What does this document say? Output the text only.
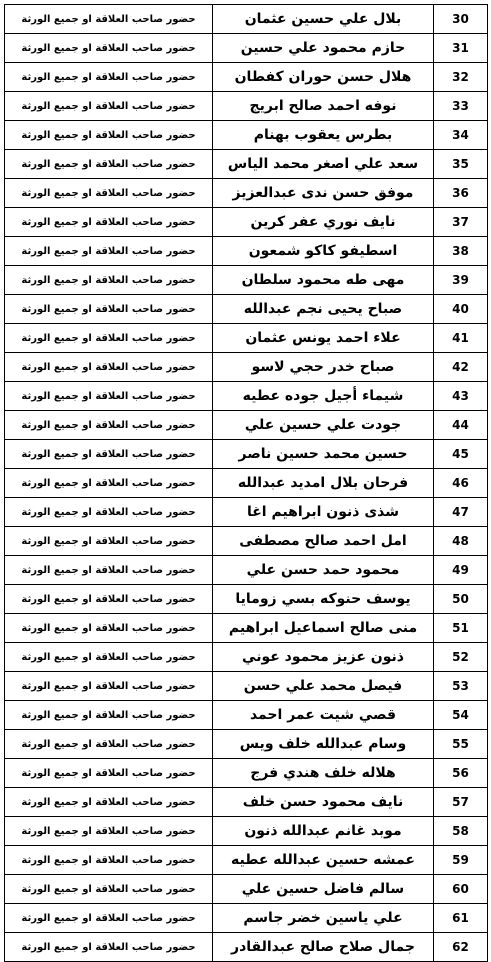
حضور صاحب العلاقة او جميع الورثة	بلال علي حسين عثمان	30
حضور صاحب العلاقة او جميع الورثة	حازم محمود علي حسين	31
حضور صاحب العلاقة او جميع الورثة	هلال حسن حوران كفطان	32
حضور صاحب العلاقة او جميع الورثة	نوفه احمد صالح ابريج	33
حضور صاحب العلاقة او جميع الورثة	بطرس يعقوب بهنام	34
حضور صاحب العلاقة او جميع الورثة	سعد علي اصغر محمد الياس	35
حضور صاحب العلاقة او جميع الورثة	موفق حسن ندى عبدالعزيز	36
حضور صاحب العلاقة او جميع الورثة	نايف نوري عفر كرين	37
حضور صاحب العلاقة او جميع الورثة	اسطيفو كاكو شمعون	38
حضور صاحب العلاقة او جميع الورثة	مهى طه محمود سلطان	39
حضور صاحب العلاقة او جميع الورثة	صباح يحيى نجم عبدالله	40
حضور صاحب العلاقة او جميع الورثة	علاء احمد يونس عثمان	41
حضور صاحب العلاقة او جميع الورثة	صباح خدر حجي لاسو	42
حضور صاحب العلاقة او جميع الورثة	شيماء أجيل جوده عطيه	43
حضور صاحب العلاقة او جميع الورثة	جودت علي حسين علي	44
حضور صاحب العلاقة او جميع الورثة	حسين محمد حسين ناصر	45
حضور صاحب العلاقة او جميع الورثة	فرحان بلال امديد عبدالله	46
حضور صاحب العلاقة او جميع الورثة	شذى ذنون ابراهيم اغا	47
حضور صاحب العلاقة او جميع الورثة	امل احمد صالح مصطفى	48
حضور صاحب العلاقة او جميع الورثة	محمود حمد حسن علي	49
حضور صاحب العلاقة او جميع الورثة	يوسف حنوكه بسي زومايا	50
حضور صاحب العلاقة او جميع الورثة	منى صالح اسماعيل ابراهيم	51
حضور صاحب العلاقة او جميع الورثة	ذنون عزيز محمود عوني	52
حضور صاحب العلاقة او جميع الورثة	فيصل محمد علي حسن	53
حضور صاحب العلاقة او جميع الورثة	قصي شيت عمر احمد	54
حضور صاحب العلاقة او جميع الورثة	وسام عبدالله خلف ويس	55
حضور صاحب العلاقة او جميع الورثة	هلاله خلف هندي فرج	56
حضور صاحب العلاقة او جميع الورثة	نايف محمود حسن خلف	57
حضور صاحب العلاقة او جميع الورثة	موبد غانم عبدالله ذنون	58
حضور صاحب العلاقة او جميع الورثة	عمشه حسين عبدالله عطيه	59
حضور صاحب العلاقة او جميع الورثة	سالم فاضل حسين علي	60
حضور صاحب العلاقة او جميع الورثة	علي ياسين خضر جاسم	61
حضور صاحب العلاقة او جميع الورثة	جمال صلاح صالح عبدالقادر	62
